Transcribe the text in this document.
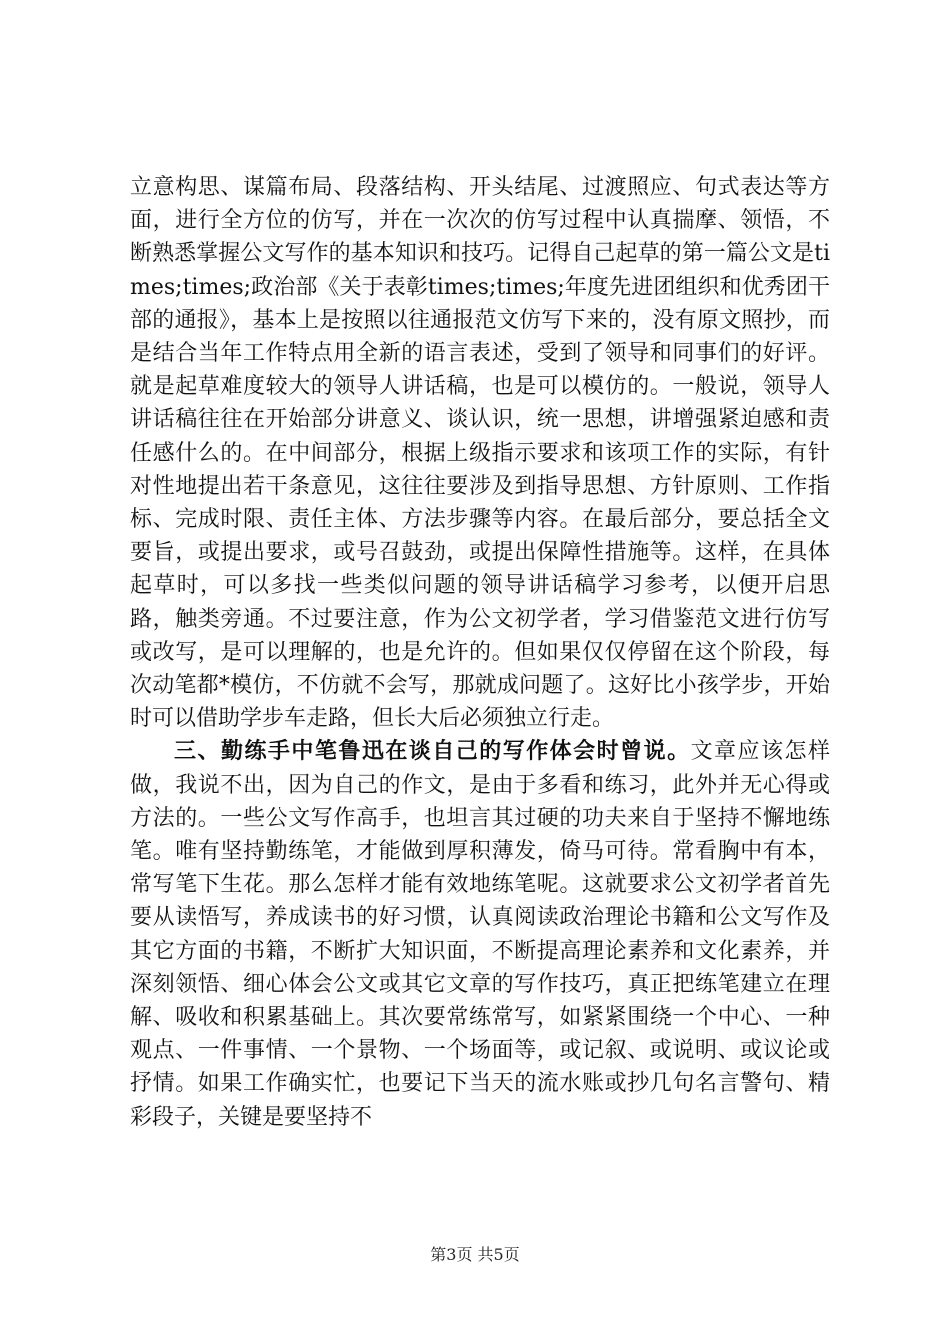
立意构思、谋篇布局、段落结构、开头结尾、过渡照应、句式表达等方面，进行全方位的仿写，并在一次次的仿写过程中认真揣摩、领悟，不断熟悉掌握公文写作的基本知识和技巧。记得自己起草的第一篇公文是times;times;政治部《关于表彰times;times;年度先进团组织和优秀团干部的通报》，基本上是按照以往通报范文仿写下来的，没有原文照抄，而是结合当年工作特点用全新的语言表述，受到了领导和同事们的好评。就是起草难度较大的领导人讲话稿，也是可以模仿的。一般说，领导人讲话稿往往在开始部分讲意义、谈认识，统一思想，讲增强紧迫感和责任感什么的。在中间部分，根据上级指示要求和该项工作的实际，有针对性地提出若干条意见，这往往要涉及到指导思想、方针原则、工作指标、完成时限、责任主体、方法步骤等内容。在最后部分，要总括全文要旨，或提出要求，或号召鼓劲，或提出保障性措施等。这样，在具体起草时，可以多找一些类似问题的领导讲话稿学习参考，以便开启思路，触类旁通。不过要注意，作为公文初学者，学习借鉴范文进行仿写或改写，是可以理解的，也是允许的。但如果仅仅停留在这个阶段，每次动笔都*模仿，不仿就不会写，那就成问题了。这好比小孩学步，开始时可以借助学步车走路，但长大后必须独立行走。

三、勤练手中笔鲁迅在谈自己的写作体会时曾说。文章应该怎样做，我说不出，因为自己的作文，是由于多看和练习，此外并无心得或方法的。一些公文写作高手，也坦言其过硬的功夫来自于坚持不懈地练笔。唯有坚持勤练笔，才能做到厚积薄发，倚马可待。常看胸中有本，常写笔下生花。那么怎样才能有效地练笔呢。这就要求公文初学者首先要从读悟写，养成读书的好习惯，认真阅读政治理论书籍和公文写作及其它方面的书籍，不断扩大知识面，不断提高理论素养和文化素养，并深刻领悟、细心体会公文或其它文章的写作技巧，真正把练笔建立在理解、吸收和积累基础上。其次要常练常写，如紧紧围绕一个中心、一种观点、一件事情、一个景物、一个场面等，或记叙、或说明、或议论或抒情。如果工作确实忙，也要记下当天的流水账或抄几句名言警句、精彩段子，关键是要坚持不

第3页 共5页
